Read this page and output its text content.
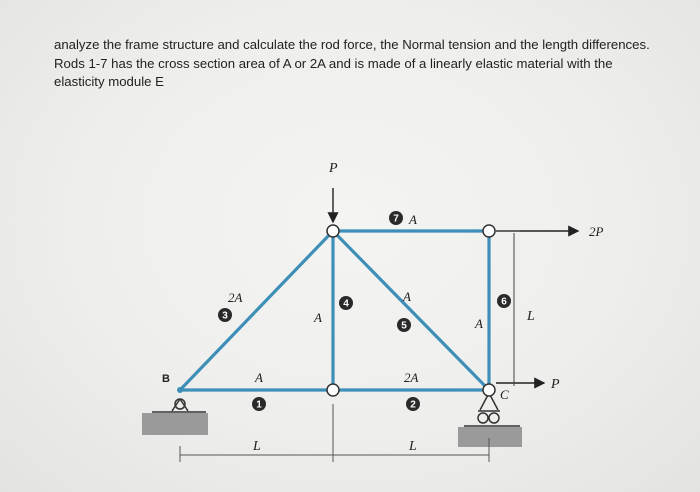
analyze the frame structure and calculate the rod force, the Normal tension and the length differences. Rods 1-7 has the cross section area of A or 2A and is made of a linearly elastic material with the elasticity module E

P
2P
P
B
C
L
L	L
A	2A
2A
A
A
A
A
1	2
3
4
5
6
7
